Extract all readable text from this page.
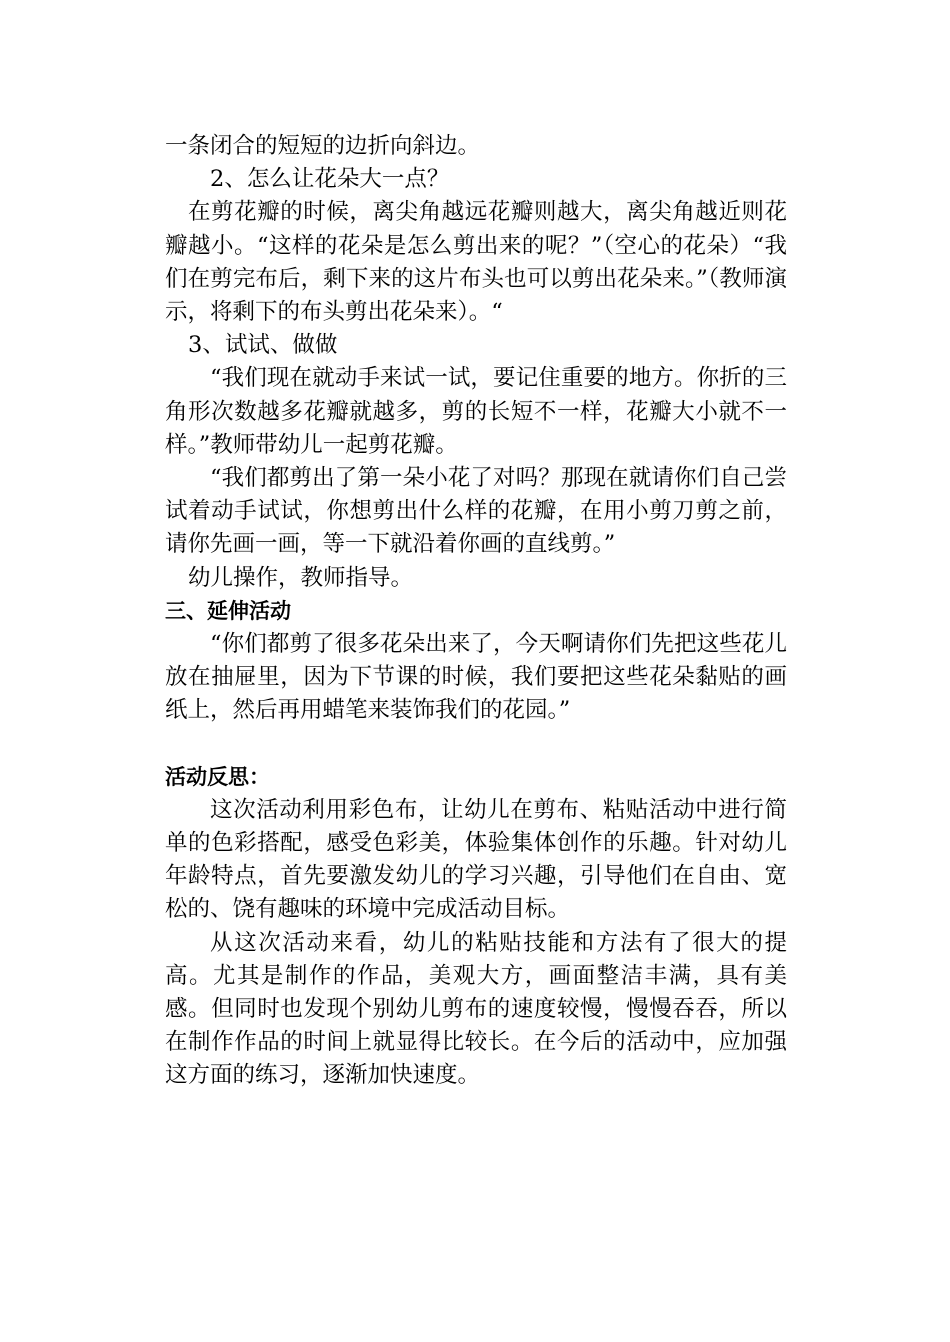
一条闭合的短短的边折向斜边。

2、怎么让花朵大一点？

在剪花瓣的时候，离尖角越远花瓣则越大，离尖角越近则花瓣越小。“这样的花朵是怎么剪出来的呢？”（空心的花朵）“我们在剪完布后，剩下来的这片布头也可以剪出花朵来。”（教师演示，将剩下的布头剪出花朵来）。“

3、试试、做做

“我们现在就动手来试一试，要记住重要的地方。你折的三角形次数越多花瓣就越多，剪的长短不一样，花瓣大小就不一样。”教师带幼儿一起剪花瓣。

“我们都剪出了第一朵小花了对吗？那现在就请你们自己尝试着动手试试，你想剪出什么样的花瓣，在用小剪刀剪之前，请你先画一画，等一下就沿着你画的直线剪。”

幼儿操作，教师指导。

三、延伸活动

“你们都剪了很多花朵出来了，今天啊请你们先把这些花儿放在抽屉里，因为下节课的时候，我们要把这些花朵黏贴的画纸上，然后再用蜡笔来装饰我们的花园。”

活动反思：

这次活动利用彩色布，让幼儿在剪布、粘贴活动中进行简单的色彩搭配，感受色彩美，体验集体创作的乐趣。针对幼儿年龄特点，首先要激发幼儿的学习兴趣，引导他们在自由、宽松的、饶有趣味的环境中完成活动目标。

从这次活动来看，幼儿的粘贴技能和方法有了很大的提高。尤其是制作的作品，美观大方，画面整洁丰满，具有美感。但同时也发现个别幼儿剪布的速度较慢，慢慢吞吞，所以在制作作品的时间上就显得比较长。在今后的活动中，应加强这方面的练习，逐渐加快速度。
